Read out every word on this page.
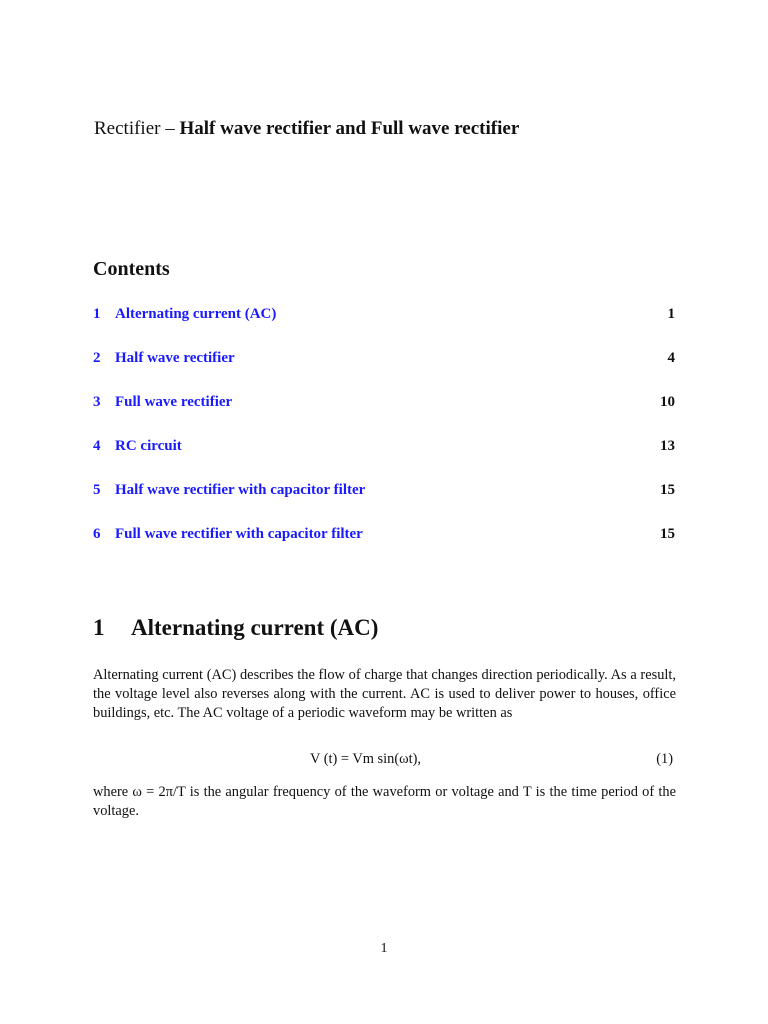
Rectifier – Half wave rectifier and Full wave rectifier
Contents
1 Alternating current (AC)	1
2 Half wave rectifier	4
3 Full wave rectifier	10
4 RC circuit	13
5 Half wave rectifier with capacitor filter	15
6 Full wave rectifier with capacitor filter	15
1 Alternating current (AC)
Alternating current (AC) describes the flow of charge that changes direction periodically. As a result, the voltage level also reverses along with the current. AC is used to deliver power to houses, office buildings, etc. The AC voltage of a periodic waveform may be written as
V (t) = Vm sin(ωt),	(1)
where ω = 2π/T is the angular frequency of the waveform or voltage and T is the time period of the voltage.
1
